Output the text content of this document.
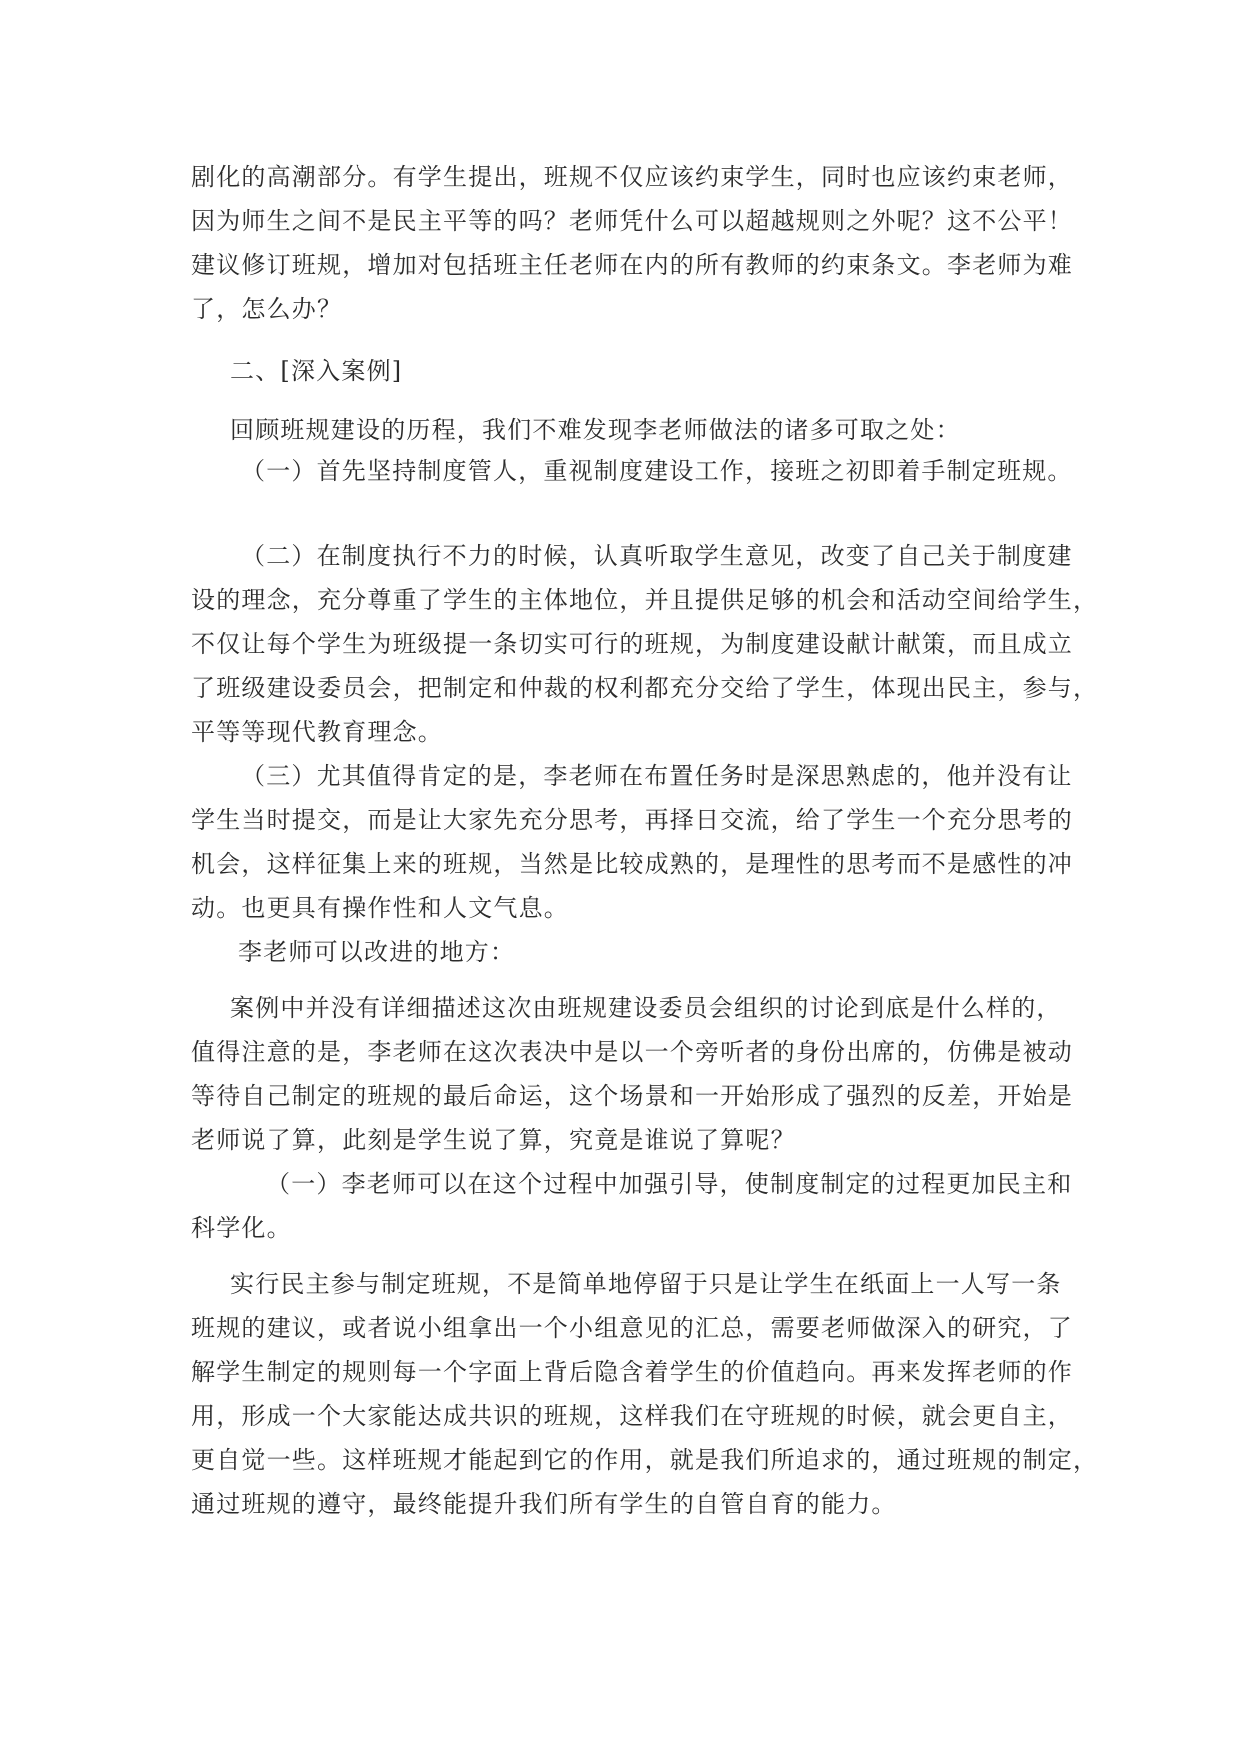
剧化的高潮部分。有学生提出，班规不仅应该约束学生，同时也应该约束老师，
因为师生之间不是民主平等的吗？老师凭什么可以超越规则之外呢？这不公平！
建议修订班规，增加对包括班主任老师在内的所有教师的约束条文。李老师为难
了，怎么办？
二、[深入案例]
回顾班规建设的历程，我们不难发现李老师做法的诸多可取之处：
（一）首先坚持制度管人，重视制度建设工作，接班之初即着手制定班规。
（二）在制度执行不力的时候，认真听取学生意见，改变了自己关于制度建
设的理念，充分尊重了学生的主体地位，并且提供足够的机会和活动空间给学生，
不仅让每个学生为班级提一条切实可行的班规，为制度建设献计献策，而且成立
了班级建设委员会，把制定和仲裁的权利都充分交给了学生，体现出民主，参与，
平等等现代教育理念。
（三）尤其值得肯定的是，李老师在布置任务时是深思熟虑的，他并没有让
学生当时提交，而是让大家先充分思考，再择日交流，给了学生一个充分思考的
机会，这样征集上来的班规，当然是比较成熟的，是理性的思考而不是感性的冲
动。也更具有操作性和人文气息。
李老师可以改进的地方：
案例中并没有详细描述这次由班规建设委员会组织的讨论到底是什么样的，
值得注意的是，李老师在这次表决中是以一个旁听者的身份出席的，仿佛是被动
等待自己制定的班规的最后命运，这个场景和一开始形成了强烈的反差，开始是
老师说了算，此刻是学生说了算，究竟是谁说了算呢？
（一）李老师可以在这个过程中加强引导，使制度制定的过程更加民主和
科学化。
实行民主参与制定班规，不是简单地停留于只是让学生在纸面上一人写一条
班规的建议，或者说小组拿出一个小组意见的汇总，需要老师做深入的研究，了
解学生制定的规则每一个字面上背后隐含着学生的价值趋向。再来发挥老师的作
用，形成一个大家能达成共识的班规，这样我们在守班规的时候，就会更自主，
更自觉一些。这样班规才能起到它的作用，就是我们所追求的，通过班规的制定，
通过班规的遵守，最终能提升我们所有学生的自管自育的能力。
